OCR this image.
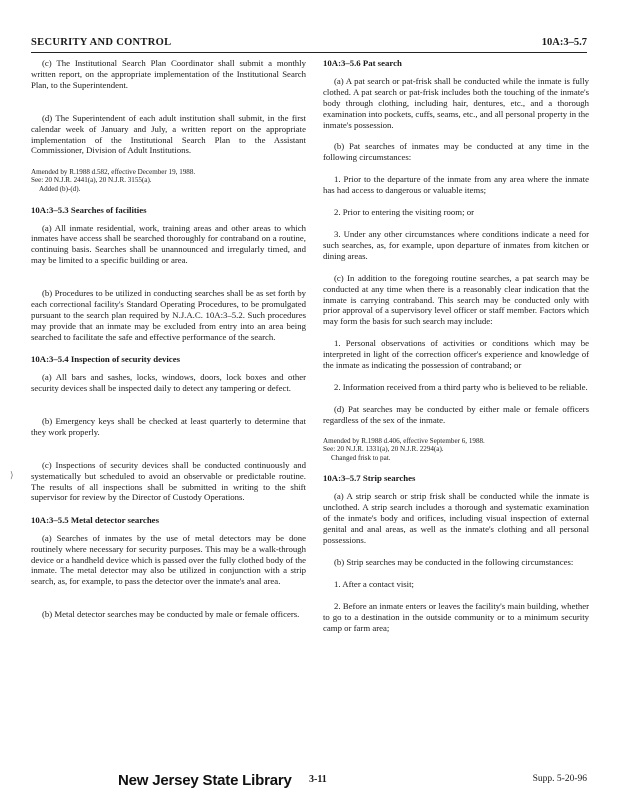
SECURITY AND CONTROL	10A:3–5.7

(c) The Institutional Search Plan Coordinator shall submit a monthly written report, on the appropriate implementation of the Institutional Search Plan, to the Superintendent.

(d) The Superintendent of each adult institution shall submit, in the first calendar week of January and July, a written report on the appropriate implementation of the Institutional Search Plan to the Assistant Commissioner, Division of Adult Institutions.

Amended by R.1988 d.582, effective December 19, 1988.
See: 20 N.J.R. 2441(a), 20 N.J.R. 3155(a).
Added (b)-(d).

10A:3–5.3 Searches of facilities

(a) All inmate residential, work, training areas and other areas to which inmates have access shall be searched thoroughly for contraband on a routine, continuing basis. Searches shall be unannounced and irregularly timed, and may be limited to a specific building or area.

(b) Procedures to be utilized in conducting searches shall be as set forth by each correctional facility's Standard Operating Procedures, to be promulgated pursuant to the search plan required by N.J.A.C. 10A:3–5.2. Such procedures may provide that an inmate may be excluded from entry into an area being searched to facilitate the safe and effective performance of the search.

10A:3–5.4 Inspection of security devices

(a) All bars and sashes, locks, windows, doors, lock boxes and other security devices shall be inspected daily to detect any tampering or defect.

(b) Emergency keys shall be checked at least quarterly to determine that they work properly.

(c) Inspections of security devices shall be conducted continuously and systematically but scheduled to avoid an observable or predictable routine. The results of all inspections shall be submitted in writing to the shift supervisor for review by the Director of Custody Operations.

10A:3–5.5 Metal detector searches

(a) Searches of inmates by the use of metal detectors may be done routinely where necessary for security purposes. This may be a walk-through device or a handheld device which is passed over the fully clothed body of the inmate. The metal detector may also be utilized in conjunction with a strip search, as, for example, to pass the detector over the inmate's anal area.

(b) Metal detector searches may be conducted by male or female officers.

10A:3–5.6 Pat search

(a) A pat search or pat-frisk shall be conducted while the inmate is fully clothed. A pat search or pat-frisk includes both the touching of the inmate's body through clothing, including hair, dentures, etc., and a thorough examination into pockets, cuffs, seams, etc., and all personal property in the inmate's possession.

(b) Pat searches of inmates may be conducted at any time in the following circumstances:

1. Prior to the departure of the inmate from any area where the inmate has had access to dangerous or valuable items;

2. Prior to entering the visiting room; or

3. Under any other circumstances where conditions indicate a need for such searches, as, for example, upon departure of inmates from kitchen or dining areas.

(c) In addition to the foregoing routine searches, a pat search may be conducted at any time when there is a reasonably clear indication that the inmate is carrying contraband. This search may be conducted only with prior approval of a supervisory level officer or staff member. Factors which may form the basis for such search may include:

1. Personal observations of activities or conditions which may be interpreted in light of the correction officer's experience and knowledge of the inmate as indicating the possession of contraband; or

2. Information received from a third party who is believed to be reliable.

(d) Pat searches may be conducted by either male or female officers regardless of the sex of the inmate.

Amended by R.1988 d.406, effective September 6, 1988.
See: 20 N.J.R. 1331(a), 20 N.J.R. 2294(a).
Changed frisk to pat.

10A:3–5.7 Strip searches

(a) A strip search or strip frisk shall be conducted while the inmate is unclothed. A strip search includes a thorough and systematic examination of the inmate's body and orifices, including visual inspection of external genital and anal areas, as well as the inmate's clothing and all personal possessions.

(b) Strip searches may be conducted in the following circumstances:

1. After a contact visit;

2. Before an inmate enters or leaves the facility's main building, whether to go to a destination in the outside community or to a minimum security camp or farm area;

⟩
New Jersey State Library 3-11	Supp. 5-20-96
